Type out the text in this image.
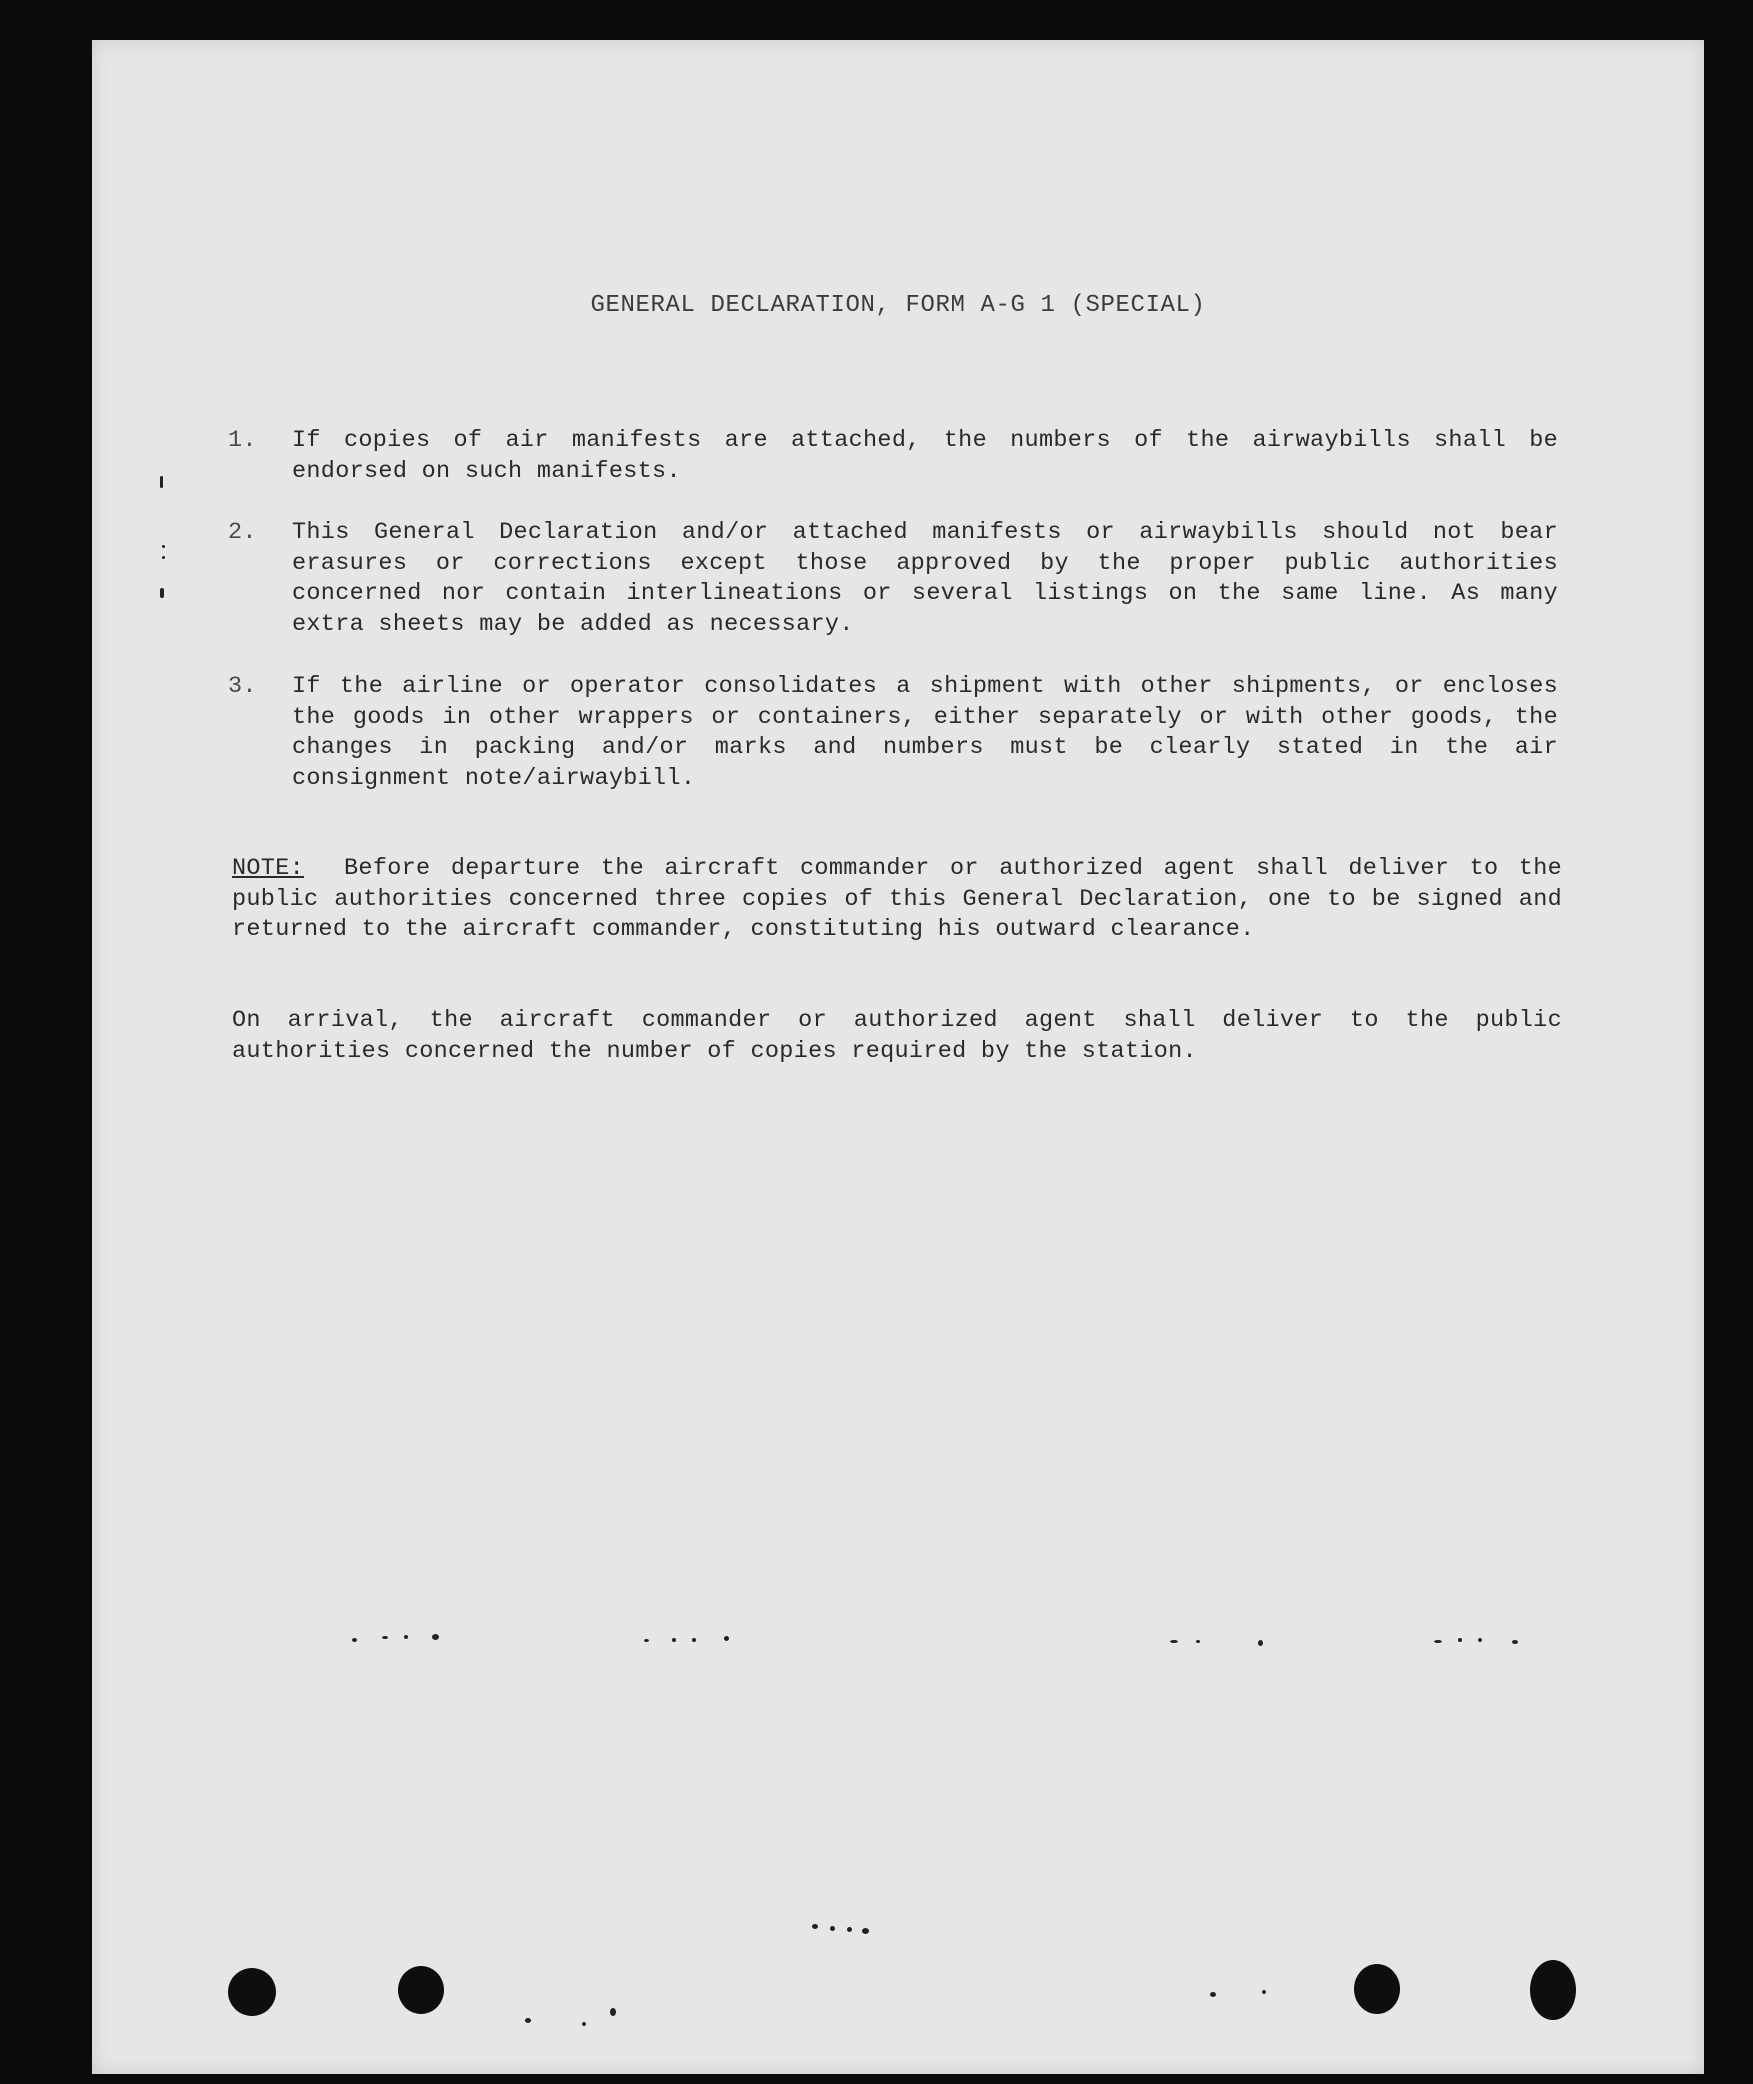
GENERAL DECLARATION, FORM A-G 1 (SPECIAL)
1. If copies of air manifests are attached, the numbers of the airwaybills shall be endorsed on such manifests.
2. This General Declaration and/or attached manifests or airwaybills should not bear erasures or corrections except those approved by the proper public authorities concerned nor contain interlineations or several listings on the same line. As many extra sheets may be added as necessary.
3. If the airline or operator consolidates a shipment with other shipments, or encloses the goods in other wrappers or containers, either separately or with other goods, the changes in packing and/or marks and numbers must be clearly stated in the air consignment note/airwaybill.

NOTE: Before departure the aircraft commander or authorized agent shall deliver to the public authorities concerned three copies of this General Declaration, one to be signed and returned to the aircraft commander, constituting his outward clearance.

On arrival, the aircraft commander or authorized agent shall deliver to the public authorities concerned the number of copies required by the station.
